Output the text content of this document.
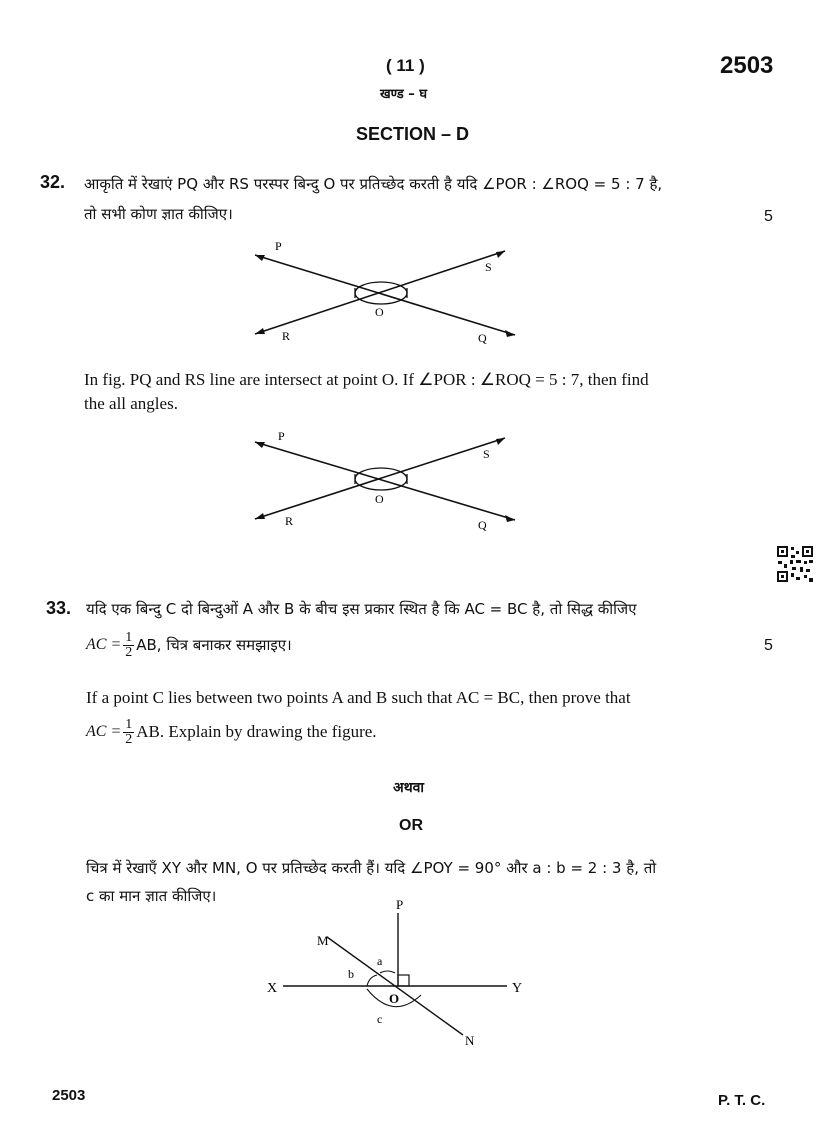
( 11 )	2503
खण्ड – घ
SECTION – D
32. आकृति में रेखाएं PQ और RS परस्पर बिन्दु O पर प्रतिच्छेद करती है यदि ∠POR : ∠ROQ = 5 : 7 है,
तो सभी कोण ज्ञात कीजिए।	5
P
S
O
R	Q
In fig. PQ and RS line are intersect at point O. If ∠POR : ∠ROQ = 5 : 7, then find
the all angles.
P
S
O
R	Q
33. यदि एक बिन्दु C दो बिन्दुओं A और B के बीच इस प्रकार स्थित है कि AC = BC है, तो सिद्ध कीजिए
AC = $\frac{1}{2}$ AB, चित्र बनाकर समझाइए।	5
If a point C lies between two points A and B such that AC = BC, then prove that
AC = $\frac{1}{2}$ AB. Explain by drawing the figure.
अथवा
OR
चित्र में रेखाएँ XY और MN, O पर प्रतिच्छेद करती हैं। यदि ∠POY = 90° और a : b = 2 : 3 है, तो
c का मान ज्ञात कीजिए।	P
M
a
b
X
O
Y
c
N
2503	P. T. C.
